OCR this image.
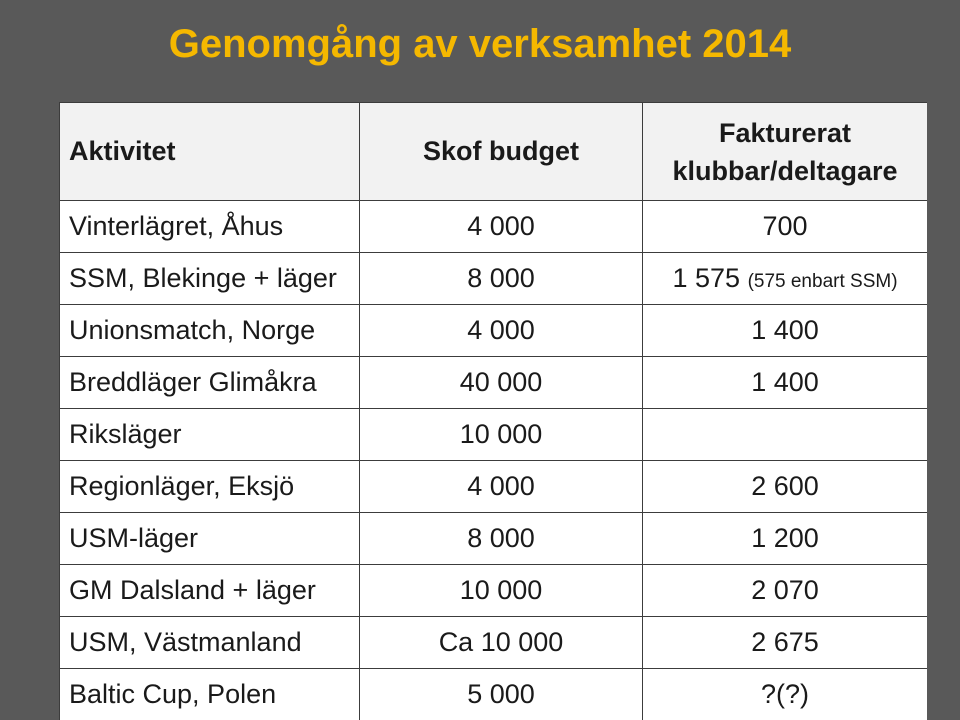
Genomgång av verksamhet 2014
Aktivitet	Skof budget	Fakturerat
klubbar/deltagare

Vinterlägret, Åhus	4 000	700
SSM, Blekinge + läger	8 000	1 575 (575 enbart SSM)
Unionsmatch, Norge	4 000	1 400
Breddläger Glimåkra	40 000	1 400
Riksläger	10 000	
Regionläger, Eksjö	4 000	2 600
USM-läger	8 000	1 200
GM Dalsland + läger	10 000	2 070
USM, Västmanland	Ca 10 000	2 675
Baltic Cup, Polen	5 000	?(?)
